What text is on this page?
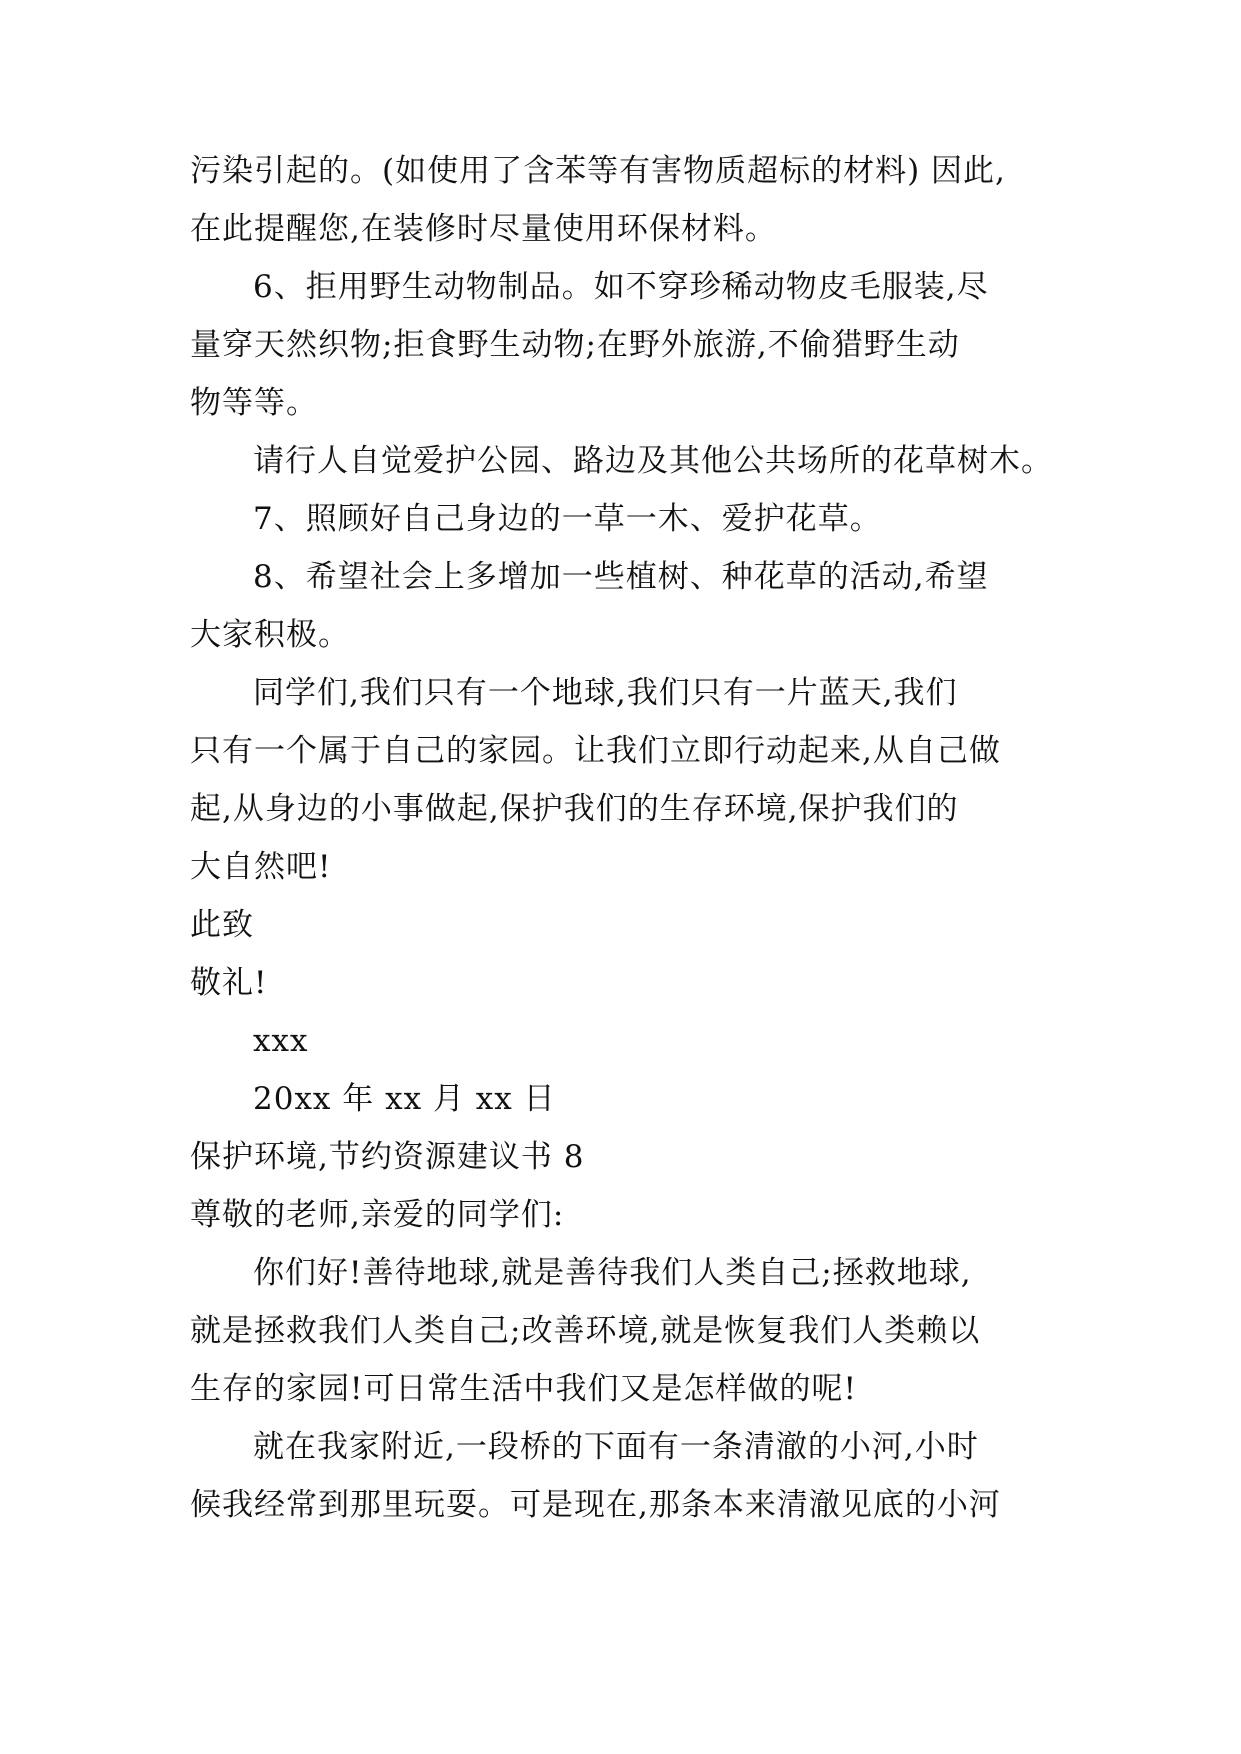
污染引起的。(如使用了含苯等有害物质超标的材料) 因此,
在此提醒您,在装修时尽量使用环保材料。
6、拒用野生动物制品。如不穿珍稀动物皮毛服装,尽
量穿天然织物;拒食野生动物;在野外旅游,不偷猎野生动
物等等。
请行人自觉爱护公园、路边及其他公共场所的花草树木。
7、照顾好自己身边的一草一木、爱护花草。
8、希望社会上多增加一些植树、种花草的活动,希望
大家积极。
同学们,我们只有一个地球,我们只有一片蓝天,我们
只有一个属于自己的家园。让我们立即行动起来,从自己做
起,从身边的小事做起,保护我们的生存环境,保护我们的
大自然吧!
此致
敬礼!
xxx
20xx 年 xx 月 xx 日
保护环境,节约资源建议书 8
尊敬的老师,亲爱的同学们:
你们好!善待地球,就是善待我们人类自己;拯救地球,
就是拯救我们人类自己;改善环境,就是恢复我们人类赖以
生存的家园!可日常生活中我们又是怎样做的呢!
就在我家附近,一段桥的下面有一条清澈的小河,小时
候我经常到那里玩耍。可是现在,那条本来清澈见底的小河
